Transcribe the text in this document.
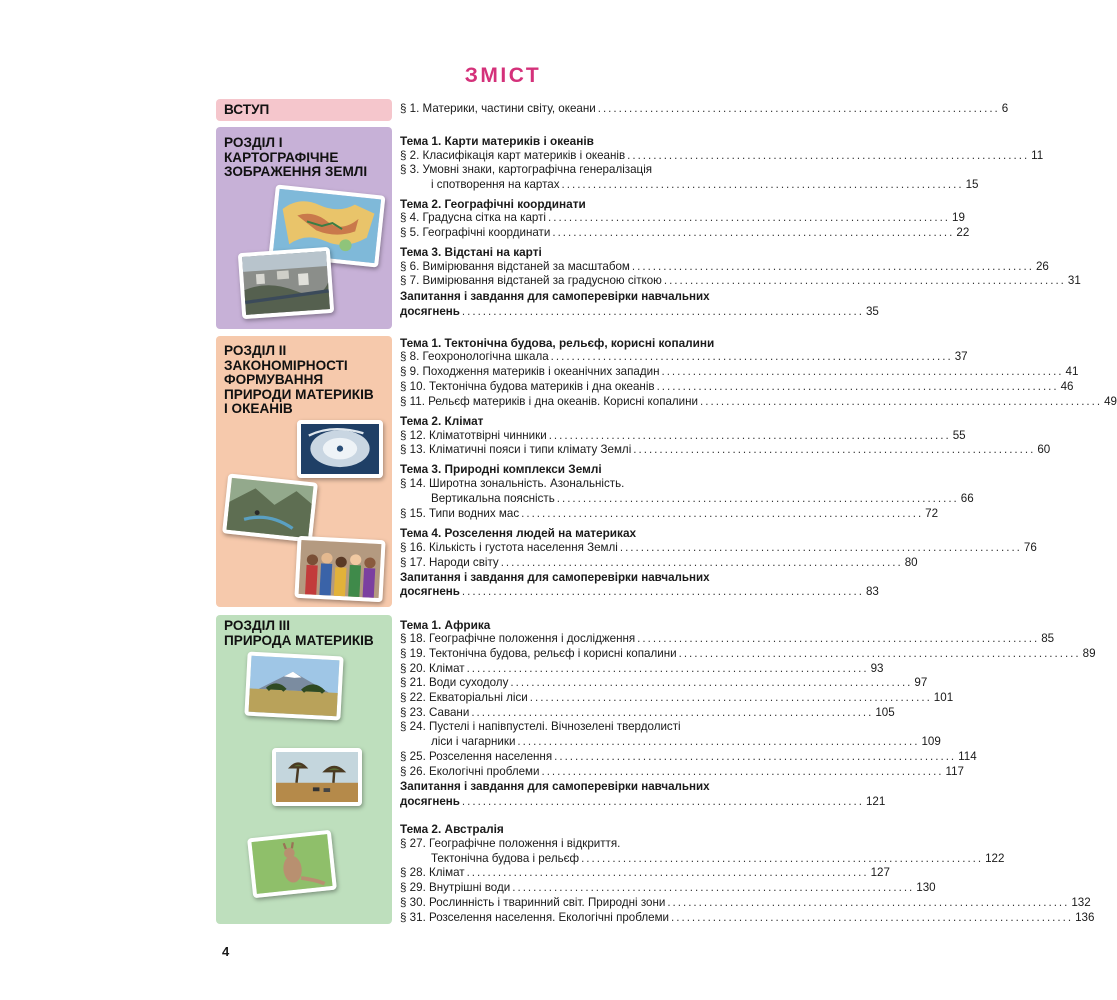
ЗМІСТ
ВСТУП
РОЗДІЛ І
КАРТОГРАФІЧНЕ
ЗОБРАЖЕННЯ ЗЕМЛІ
РОЗДІЛ ІІ
ЗАКОНОМІРНОСТІ
ФОРМУВАННЯ
ПРИРОДИ МАТЕРИКІВ
І ОКЕАНІВ
РОЗДІЛ ІІІ
ПРИРОДА МАТЕРИКІВ
§ 1. Материки, частини світу, океани ............................................................................. 6
Тема 1. Карти материків і океанів
§ 2. Класифікація карт материків і океанів ............................................................................. 11
§ 3. Умовні знаки, картографічна генералізація
і спотворення на картах ............................................................................. 15
Тема 2. Географічні координати
§ 4. Градусна сітка на карті ............................................................................. 19
§ 5. Географічні координати ............................................................................. 22
Тема 3. Відстані на карті
§ 6. Вимірювання відстаней за масштабом ............................................................................. 26
§ 7. Вимірювання відстаней за градусною сіткою ............................................................................. 31
Запитання і завдання для самоперевірки навчальних
досягнень ............................................................................. 35
Тема 1. Тектонічна будова, рельєф, корисні копалини
§ 8. Геохронологічна шкала ............................................................................. 37
§ 9. Походження материків і океанічних западин ............................................................................. 41
§ 10. Тектонічна будова материків і дна океанів ............................................................................. 46
§ 11. Рельєф материків і дна океанів. Корисні копалини ............................................................................. 49
Тема 2. Клімат
§ 12. Кліматотвірні чинники ............................................................................. 55
§ 13. Кліматичні пояси і типи клімату Землі ............................................................................. 60
Тема 3. Природні комплекси Землі
§ 14. Широтна зональність. Азональність.
Вертикальна поясність ............................................................................. 66
§ 15. Типи водних мас ............................................................................. 72
Тема 4. Розселення людей на материках
§ 16. Кількість і густота населення Землі ............................................................................. 76
§ 17. Народи світу ............................................................................. 80
Запитання і завдання для самоперевірки навчальних
досягнень ............................................................................. 83
Тема 1. Африка
§ 18. Географічне положення і дослідження ............................................................................. 85
§ 19. Тектонічна будова, рельєф і корисні копалини ............................................................................. 89
§ 20. Клімат ............................................................................. 93
§ 21. Води суходолу ............................................................................. 97
§ 22. Екваторіальні ліси ............................................................................. 101
§ 23. Савани ............................................................................. 105
§ 24. Пустелі і напівпустелі. Вічнозелені твердолисті
ліси і чагарники ............................................................................. 109
§ 25. Розселення населення ............................................................................. 114
§ 26. Екологічні проблеми ............................................................................. 117
Запитання і завдання для самоперевірки навчальних
досягнень ............................................................................. 121
Тема 2. Австралія
§ 27. Географічне положення і відкриття.
Тектонічна будова і рельєф ............................................................................. 122
§ 28. Клімат ............................................................................. 127
§ 29. Внутрішні води ............................................................................. 130
§ 30. Рослинність і тваринний світ. Природні зони ............................................................................. 132
§ 31. Розселення населення. Екологічні проблеми ............................................................................. 136
4
